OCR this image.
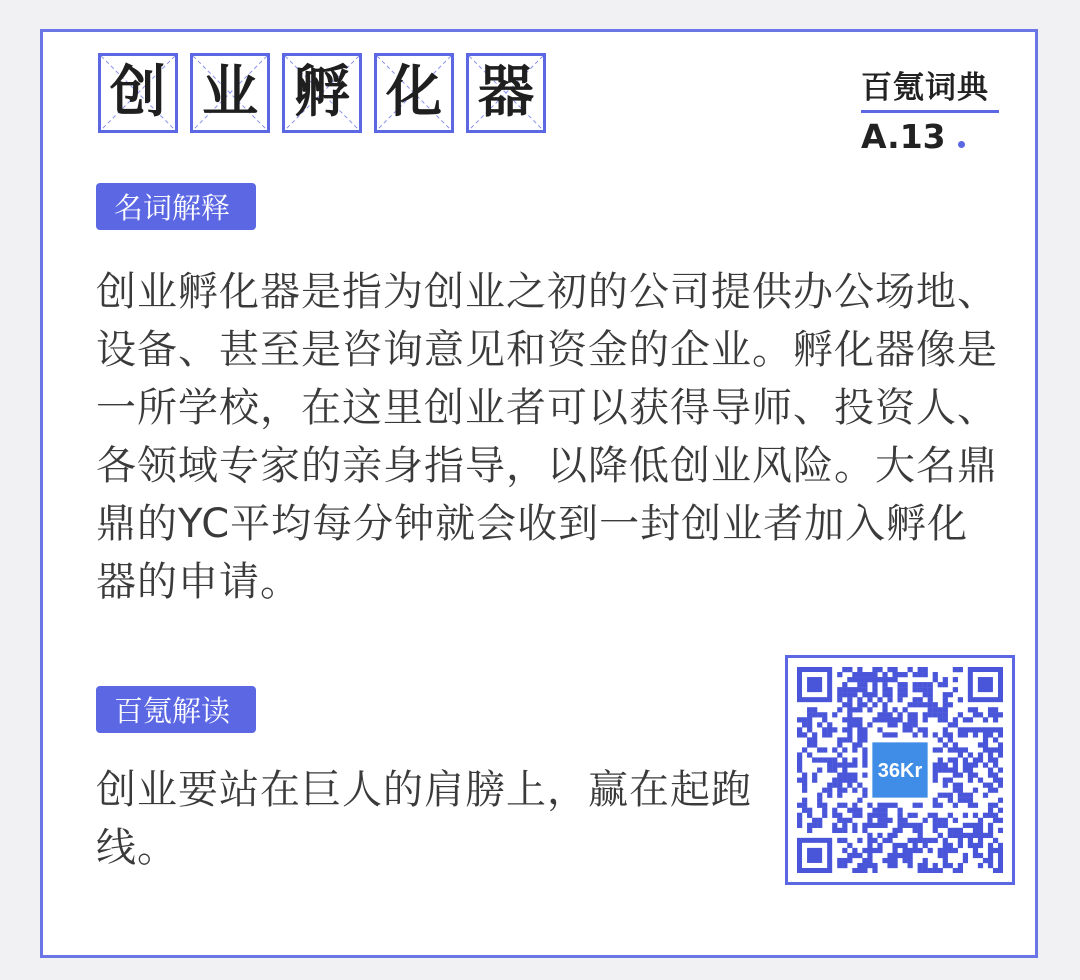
创 业 孵 化 器	百氪词典
A.13
名词解释

创业孵化器是指为创业之初的公司提供办公场地、设备、甚至是咨询意见和资金的企业。孵化器像是一所学校，在这里创业者可以获得导师、投资人、各领域专家的亲身指导，以降低创业风险。大名鼎鼎的YC平均每分钟就会收到一封创业者加入孵化器的申请。

百氪解读

创业要站在巨人的肩膀上，赢在起跑线。

36Kr
